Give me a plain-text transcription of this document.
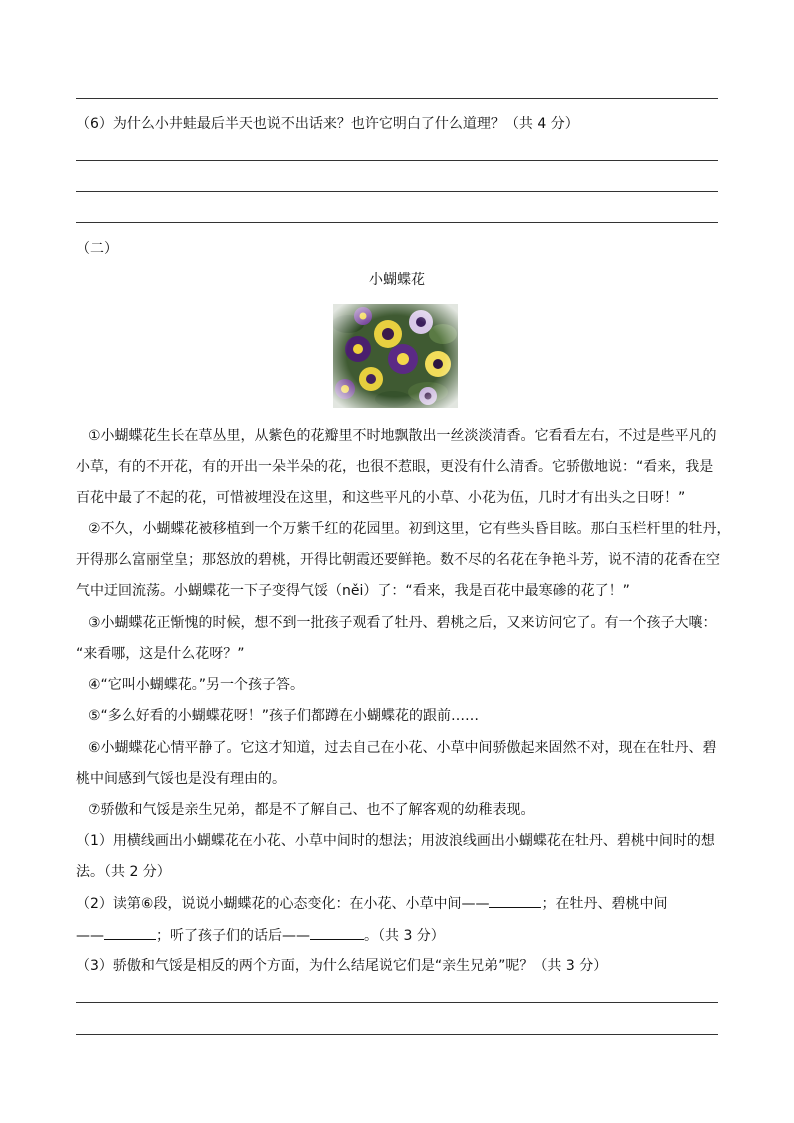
（6）为什么小井蛙最后半天也说不出话来？也许它明白了什么道理？（共 4 分）
（二）
小蝴蝶花
①小蝴蝶花生长在草丛里，从紫色的花瓣里不时地飘散出一丝淡淡清香。它看看左右，不过是些平凡的
小草，有的不开花，有的开出一朵半朵的花，也很不惹眼，更没有什么清香。它骄傲地说：“看来，我是
百花中最了不起的花，可惜被埋没在这里，和这些平凡的小草、小花为伍，几时才有出头之日呀！”
②不久，小蝴蝶花被移植到一个万紫千红的花园里。初到这里，它有些头昏目眩。那白玉栏杆里的牡丹，
开得那么富丽堂皇；那怒放的碧桃，开得比朝霞还要鲜艳。数不尽的名花在争艳斗芳，说不清的花香在空
气中迂回流荡。小蝴蝶花一下子变得气馁（něi）了：“看来，我是百花中最寒碜的花了！”
③小蝴蝶花正惭愧的时候，想不到一批孩子观看了牡丹、碧桃之后，又来访问它了。有一个孩子大嚷：
“来看哪，这是什么花呀？”
④“它叫小蝴蝶花。”另一个孩子答。
⑤“多么好看的小蝴蝶花呀！”孩子们都蹲在小蝴蝶花的跟前……
⑥小蝴蝶花心情平静了。它这才知道，过去自己在小花、小草中间骄傲起来固然不对，现在在牡丹、碧
桃中间感到气馁也是没有理由的。
⑦骄傲和气馁是亲生兄弟，都是不了解自己、也不了解客观的幼稚表现。
（1）用横线画出小蝴蝶花在小花、小草中间时的想法；用波浪线画出小蝴蝶花在牡丹、碧桃中间时的想
法。（共 2 分）
（2）读第⑥段，说说小蝴蝶花的心态变化：在小花、小草中间——	；在牡丹、碧桃中间
——	；听了孩子们的话后——	。（共 3 分）
（3）骄傲和气馁是相反的两个方面，为什么结尾说它们是“亲生兄弟”呢？（共 3 分）
